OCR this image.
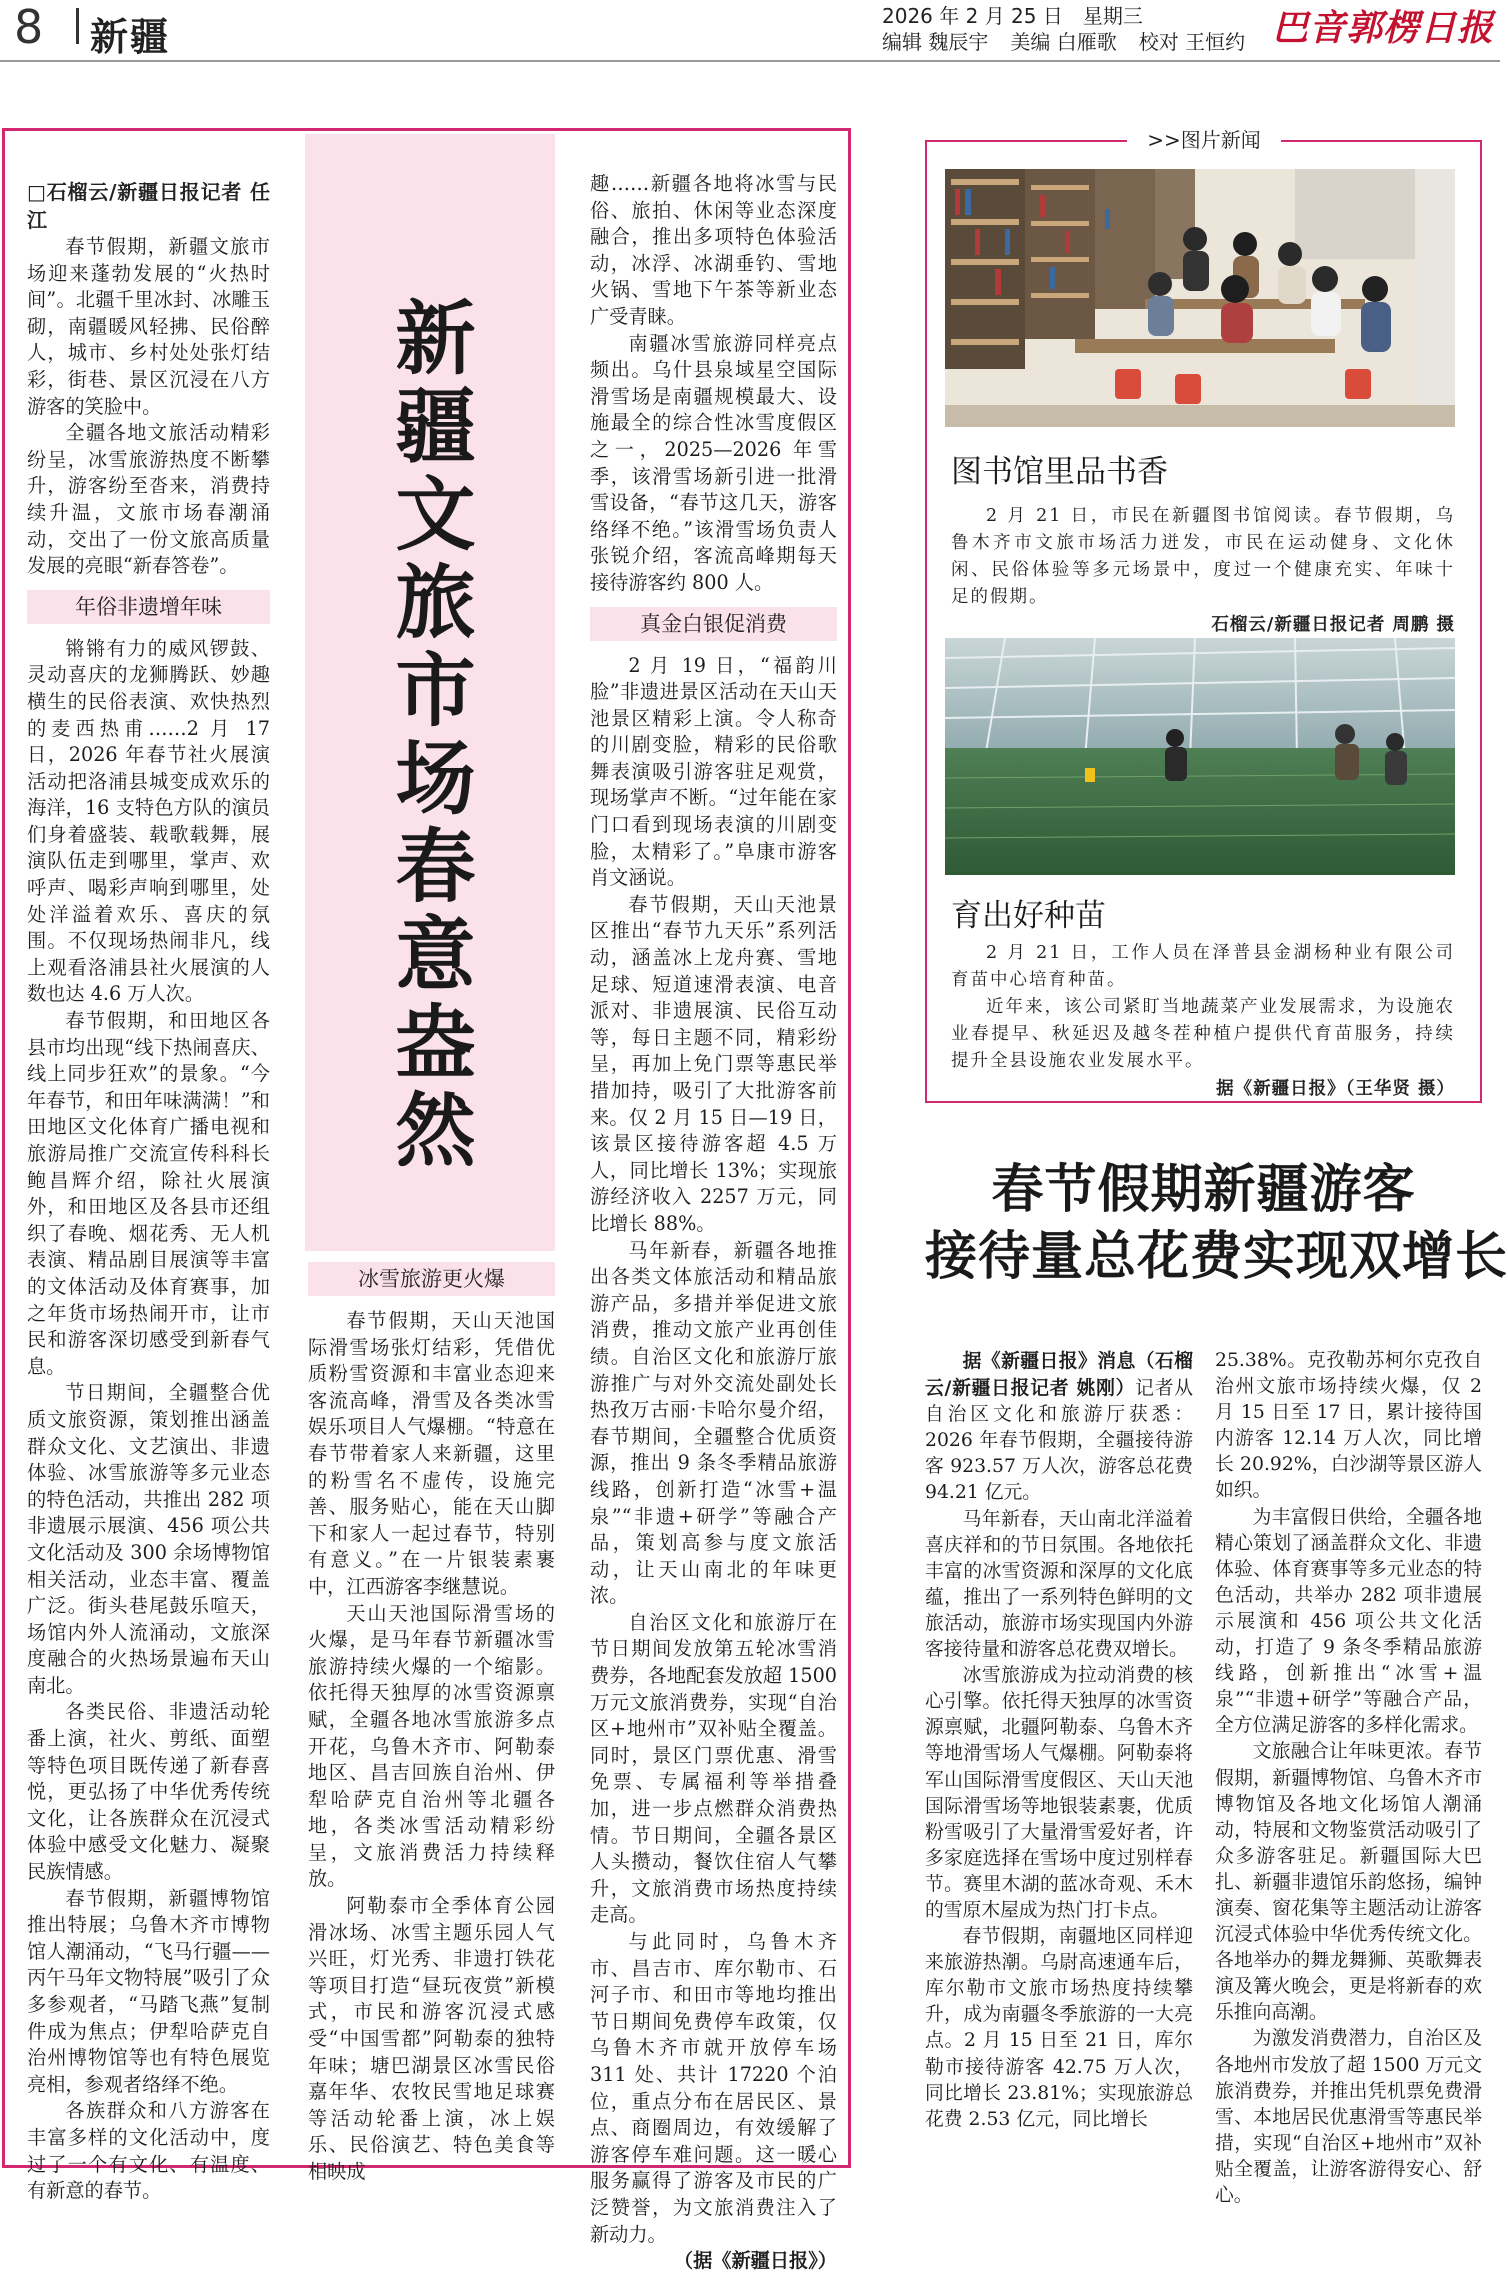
8 新疆	2026 年 2 月 25 日　星期三
编辑 魏辰宇 美编 白雁歌 校对 王恒约 巴音郭楞日报
新疆文旅市场春意盎然

□石榴云/新疆日报记者 任江

春节假期，新疆文旅市场迎来蓬勃发展的“火热时间”。北疆千里冰封、冰雕玉砌，南疆暖风轻拂、民俗醉人，城市、乡村处处张灯结彩，街巷、景区沉浸在八方游客的笑脸中。

全疆各地文旅活动精彩纷呈，冰雪旅游热度不断攀升，游客纷至沓来，消费持续升温，文旅市场春潮涌动，交出了一份文旅高质量发展的亮眼“新春答卷”。

年俗非遗增年味

锵锵有力的威风锣鼓、灵动喜庆的龙狮腾跃、妙趣横生的民俗表演、欢快热烈的麦西热甫……2 月 17 日，2026 年春节社火展演活动把洛浦县城变成欢乐的海洋，16 支特色方队的演员们身着盛装、载歌载舞，展演队伍走到哪里，掌声、欢呼声、喝彩声响到哪里，处处洋溢着欢乐、喜庆的氛围。不仅现场热闹非凡，线上观看洛浦县社火展演的人数也达 4.6 万人次。

春节假期，和田地区各县市均出现“线下热闹喜庆、线上同步狂欢”的景象。“今年春节，和田年味满满！”和田地区文化体育广播电视和旅游局推广交流宣传科科长鲍昌辉介绍，除社火展演外，和田地区及各县市还组织了春晚、烟花秀、无人机表演、精品剧目展演等丰富的文体活动及体育赛事，加之年货市场热闹开市，让市民和游客深切感受到新春气息。

节日期间，全疆整合优质文旅资源，策划推出涵盖群众文化、文艺演出、非遗体验、冰雪旅游等多元业态的特色活动，共推出 282 项非遗展示展演、456 项公共文化活动及 300 余场博物馆相关活动，业态丰富、覆盖广泛。街头巷尾鼓乐喧天，场馆内外人流涌动，文旅深度融合的火热场景遍布天山南北。

各类民俗、非遗活动轮番上演，社火、剪纸、面塑等特色项目既传递了新春喜悦，更弘扬了中华优秀传统文化，让各族群众在沉浸式体验中感受文化魅力、凝聚民族情感。

春节假期，新疆博物馆推出特展；乌鲁木齐市博物馆人潮涌动，“飞马行疆——丙午马年文物特展”吸引了众多参观者，“马踏飞燕”复制件成为焦点；伊犁哈萨克自治州博物馆等也有特色展览亮相，参观者络绎不绝。

各族群众和八方游客在丰富多样的文化活动中，度过了一个有文化、有温度、有新意的春节。

冰雪旅游更火爆

春节假期，天山天池国际滑雪场张灯结彩，凭借优质粉雪资源和丰富业态迎来客流高峰，滑雪及各类冰雪娱乐项目人气爆棚。“特意在春节带着家人来新疆，这里的粉雪名不虚传，设施完善、服务贴心，能在天山脚下和家人一起过春节，特别有意义。”在一片银装素裹中，江西游客李继慧说。

天山天池国际滑雪场的火爆，是马年春节新疆冰雪旅游持续火爆的一个缩影。依托得天独厚的冰雪资源禀赋，全疆各地冰雪旅游多点开花，乌鲁木齐市、阿勒泰地区、昌吉回族自治州、伊犁哈萨克自治州等北疆各地，各类冰雪活动精彩纷呈，文旅消费活力持续释放。

阿勒泰市全季体育公园滑冰场、冰雪主题乐园人气兴旺，灯光秀、非遗打铁花等项目打造“昼玩夜赏”新模式，市民和游客沉浸式感受“中国雪都”阿勒泰的独特年味；塘巴湖景区冰雪民俗嘉年华、农牧民雪地足球赛等活动轮番上演，冰上娱乐、民俗演艺、特色美食等相映成

趣……新疆各地将冰雪与民俗、旅拍、休闲等业态深度融合，推出多项特色体验活动，冰浮、冰湖垂钓、雪地火锅、雪地下午茶等新业态广受青睐。

南疆冰雪旅游同样亮点频出。乌什县泉域星空国际滑雪场是南疆规模最大、设施最全的综合性冰雪度假区之一，2025—2026 年雪季，该滑雪场新引进一批滑雪设备，“春节这几天，游客络绎不绝。”该滑雪场负责人张锐介绍，客流高峰期每天接待游客约 800 人。

真金白银促消费

2 月 19 日，“福韵川脸”非遗进景区活动在天山天池景区精彩上演。令人称奇的川剧变脸，精彩的民俗歌舞表演吸引游客驻足观赏，现场掌声不断。“过年能在家门口看到现场表演的川剧变脸，太精彩了。”阜康市游客肖文涵说。

春节假期，天山天池景区推出“春节九天乐”系列活动，涵盖冰上龙舟赛、雪地足球、短道速滑表演、电音派对、非遗展演、民俗互动等，每日主题不同，精彩纷呈，再加上免门票等惠民举措加持，吸引了大批游客前来。仅 2 月 15 日—19 日，该景区接待游客超 4.5 万人，同比增长 13%；实现旅游经济收入 2257 万元，同比增长 88%。

马年新春，新疆各地推出各类文体旅活动和精品旅游产品，多措并举促进文旅消费，推动文旅产业再创佳绩。自治区文化和旅游厅旅游推广与对外交流处副处长热孜万古丽·卡哈尔曼介绍，春节期间，全疆整合优质资源，推出 9 条冬季精品旅游线路，创新打造“冰雪+温泉”“非遗+研学”等融合产品，策划高参与度文旅活动，让天山南北的年味更浓。

自治区文化和旅游厅在节日期间发放第五轮冰雪消费券，各地配套发放超 1500 万元文旅消费券，实现“自治区+地州市”双补贴全覆盖。同时，景区门票优惠、滑雪免票、专属福利等举措叠加，进一步点燃群众消费热情。节日期间，全疆各景区人头攒动，餐饮住宿人气攀升，文旅消费市场热度持续走高。

与此同时，乌鲁木齐市、昌吉市、库尔勒市、石河子市、和田市等地均推出节日期间免费停车政策，仅乌鲁木齐市就开放停车场 311 处、共计 17220 个泊位，重点分布在居民区、景点、商圈周边，有效缓解了游客停车难问题。这一暖心服务赢得了游客及市民的广泛赞誉，为文旅消费注入了新动力。

（据《新疆日报》）

>>图片新闻
图书馆里品书香

2 月 21 日，市民在新疆图书馆阅读。春节假期，乌鲁木齐市文旅市场活力迸发，市民在运动健身、文化休闲、民俗体验等多元场景中，度过一个健康充实、年味十足的假期。

石榴云/新疆日报记者 周鹏 摄
育出好种苗

2 月 21 日，工作人员在泽普县金湖杨种业有限公司育苗中心培育种苗。

近年来，该公司紧盯当地蔬菜产业发展需求，为设施农业春提早、秋延迟及越冬茬种植户提供代育苗服务，持续提升全县设施农业发展水平。

据《新疆日报》（王华贤 摄）
春节假期新疆游客
接待量总花费实现双增长

据《新疆日报》消息（石榴云/新疆日报记者 姚刚）记者从自治区文化和旅游厅获悉：2026 年春节假期，全疆接待游客 923.57 万人次，游客总花费 94.21 亿元。

马年新春，天山南北洋溢着喜庆祥和的节日氛围。各地依托丰富的冰雪资源和深厚的文化底蕴，推出了一系列特色鲜明的文旅活动，旅游市场实现国内外游客接待量和游客总花费双增长。

冰雪旅游成为拉动消费的核心引擎。依托得天独厚的冰雪资源禀赋，北疆阿勒泰、乌鲁木齐等地滑雪场人气爆棚。阿勒泰将军山国际滑雪度假区、天山天池国际滑雪场等地银装素裹，优质粉雪吸引了大量滑雪爱好者，许多家庭选择在雪场中度过别样春节。赛里木湖的蓝冰奇观、禾木的雪原木屋成为热门打卡点。

春节假期，南疆地区同样迎来旅游热潮。乌尉高速通车后，库尔勒市文旅市场热度持续攀升，成为南疆冬季旅游的一大亮点。2 月 15 日至 21 日，库尔勒市接待游客 42.75 万人次，同比增长 23.81%；实现旅游总花费 2.53 亿元，同比增长

25.38%。克孜勒苏柯尔克孜自治州文旅市场持续火爆，仅 2 月 15 日至 17 日，累计接待国内游客 12.14 万人次，同比增长 20.92%，白沙湖等景区游人如织。

为丰富假日供给，全疆各地精心策划了涵盖群众文化、非遗体验、体育赛事等多元业态的特色活动，共举办 282 项非遗展示展演和 456 项公共文化活动，打造了 9 条冬季精品旅游线路，创新推出“冰雪+温泉”“非遗+研学”等融合产品，全方位满足游客的多样化需求。

文旅融合让年味更浓。春节假期，新疆博物馆、乌鲁木齐市博物馆及各地文化场馆人潮涌动，特展和文物鉴赏活动吸引了众多游客驻足。新疆国际大巴扎、新疆非遗馆乐韵悠扬，编钟演奏、窗花集等主题活动让游客沉浸式体验中华优秀传统文化。各地举办的舞龙舞狮、英歌舞表演及篝火晚会，更是将新春的欢乐推向高潮。

为激发消费潜力，自治区及各地州市发放了超 1500 万元文旅消费券，并推出凭机票免费滑雪、本地居民优惠滑雪等惠民举措，实现“自治区+地州市”双补贴全覆盖，让游客游得安心、舒心。
